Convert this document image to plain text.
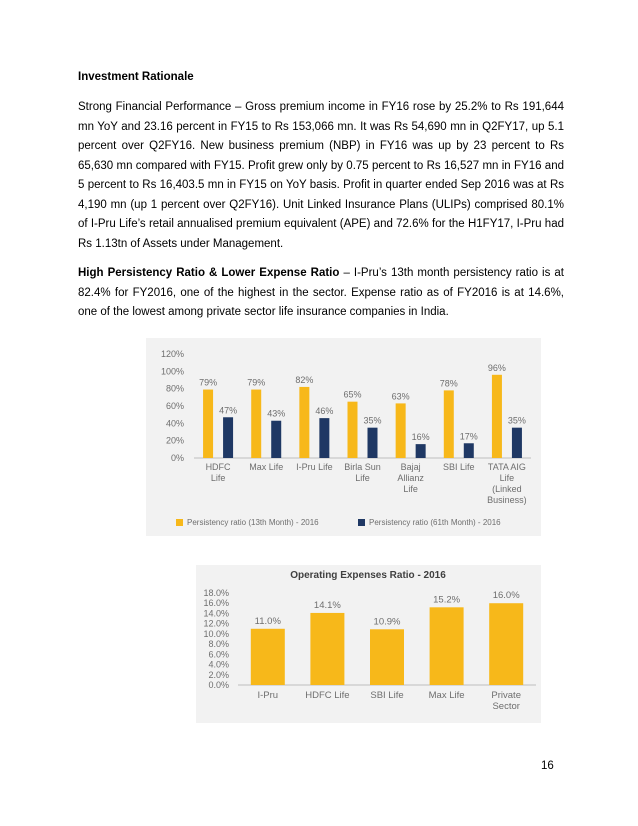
Investment Rationale

Strong Financial Performance – Gross premium income in FY16 rose by 25.2% to Rs 191,644 mn YoY and 23.16 percent in FY15 to Rs 153,066 mn. It was Rs 54,690 mn in Q2FY17, up 5.1 percent over Q2FY16. New business premium (NBP) in FY16 was up by 23 percent to Rs 65,630 mn compared with FY15. Profit grew only by 0.75 percent to Rs 16,527 mn in FY16 and 5 percent to Rs 16,403.5 mn in FY15 on YoY basis. Profit in quarter ended Sep 2016 was at Rs 4,190 mn (up 1 percent over Q2FY16). Unit Linked Insurance Plans (ULIPs) comprised 80.1% of I-Pru Life’s retail annualised premium equivalent (APE) and 72.6% for the H1FY17, I-Pru had Rs 1.13tn of Assets under Management.

High Persistency Ratio & Lower Expense Ratio – I-Pru’s 13th month persistency ratio is at 82.4% for FY2016, one of the highest in the sector. Expense ratio as of FY2016 is at 14.6%, one of the lowest among private sector life insurance companies in India.

120%
100%
80%
60%
40%
20%
0%
79%
47%
HDFC
Life
79%
43%
Max Life
82%
46%
I-Pru Life
65%
35%
Birla Sun
Life
63%
16%
Bajaj
Allianz
Life
78%
17%
SBI Life
96%
35%
TATA AIG
Life
(Linked
Business)
Persistency ratio (13th Month) - 2016	Persistency ratio (61th Month) - 2016
Operating Expenses Ratio - 2016
18.0%
16.0%
14.0%
12.0%
10.0%
8.0%
6.0%
4.0%
2.0%
0.0%
11.0%
I-Pru
14.1%
HDFC Life
10.9%
SBI Life
15.2%
Max Life
16.0%
Private
Sector
16
